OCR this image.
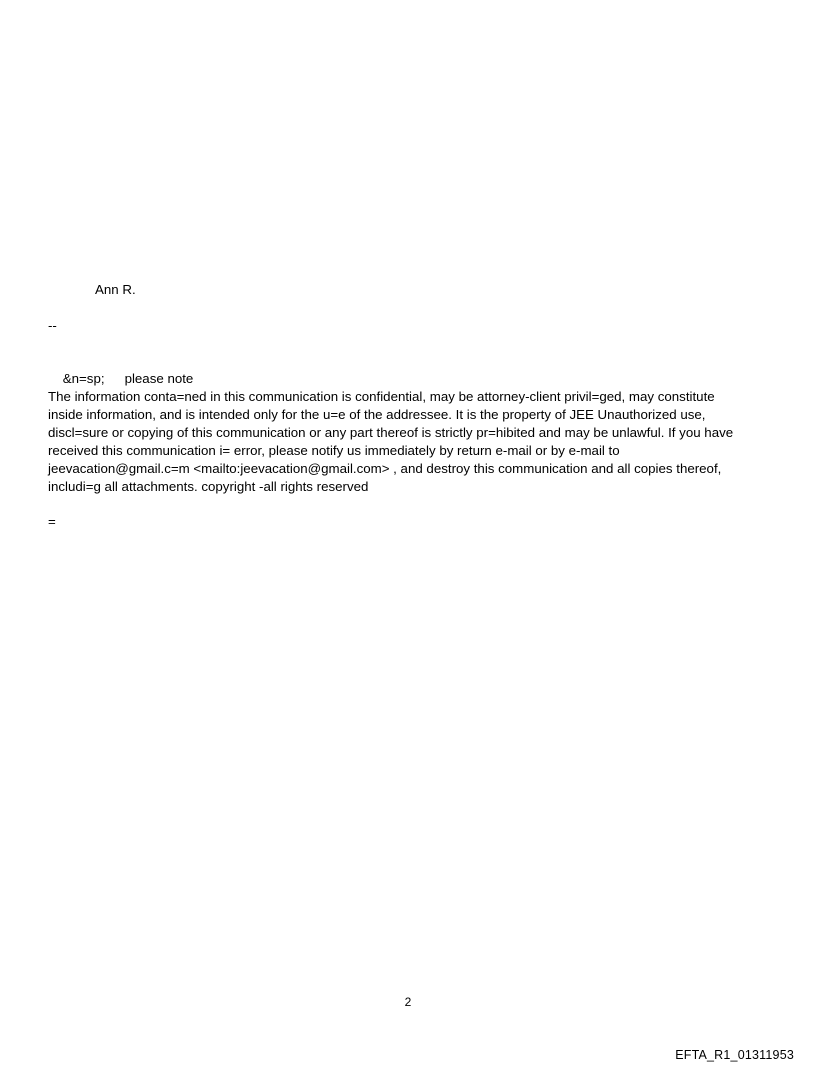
Ann R.
--

&n=sp; please note

The information conta=ned in this communication is confidential, may be attorney-client privil=ged, may constitute
inside information, and is intended only for the u=e of the addressee. It is the property of JEE Unauthorized use,
discl=sure or copying of this communication or any part thereof is strictly pr=hibited and may be unlawful. If you have
received this communication i= error, please notify us immediately by return e-mail or by e-mail to
jeevacation@gmail.c=m <mailto:jeevacation@gmail.com> , and destroy this communication and all copies thereof,
includi=g all attachments. copyright -all rights reserved
=
2
EFTA_R1_01311953
